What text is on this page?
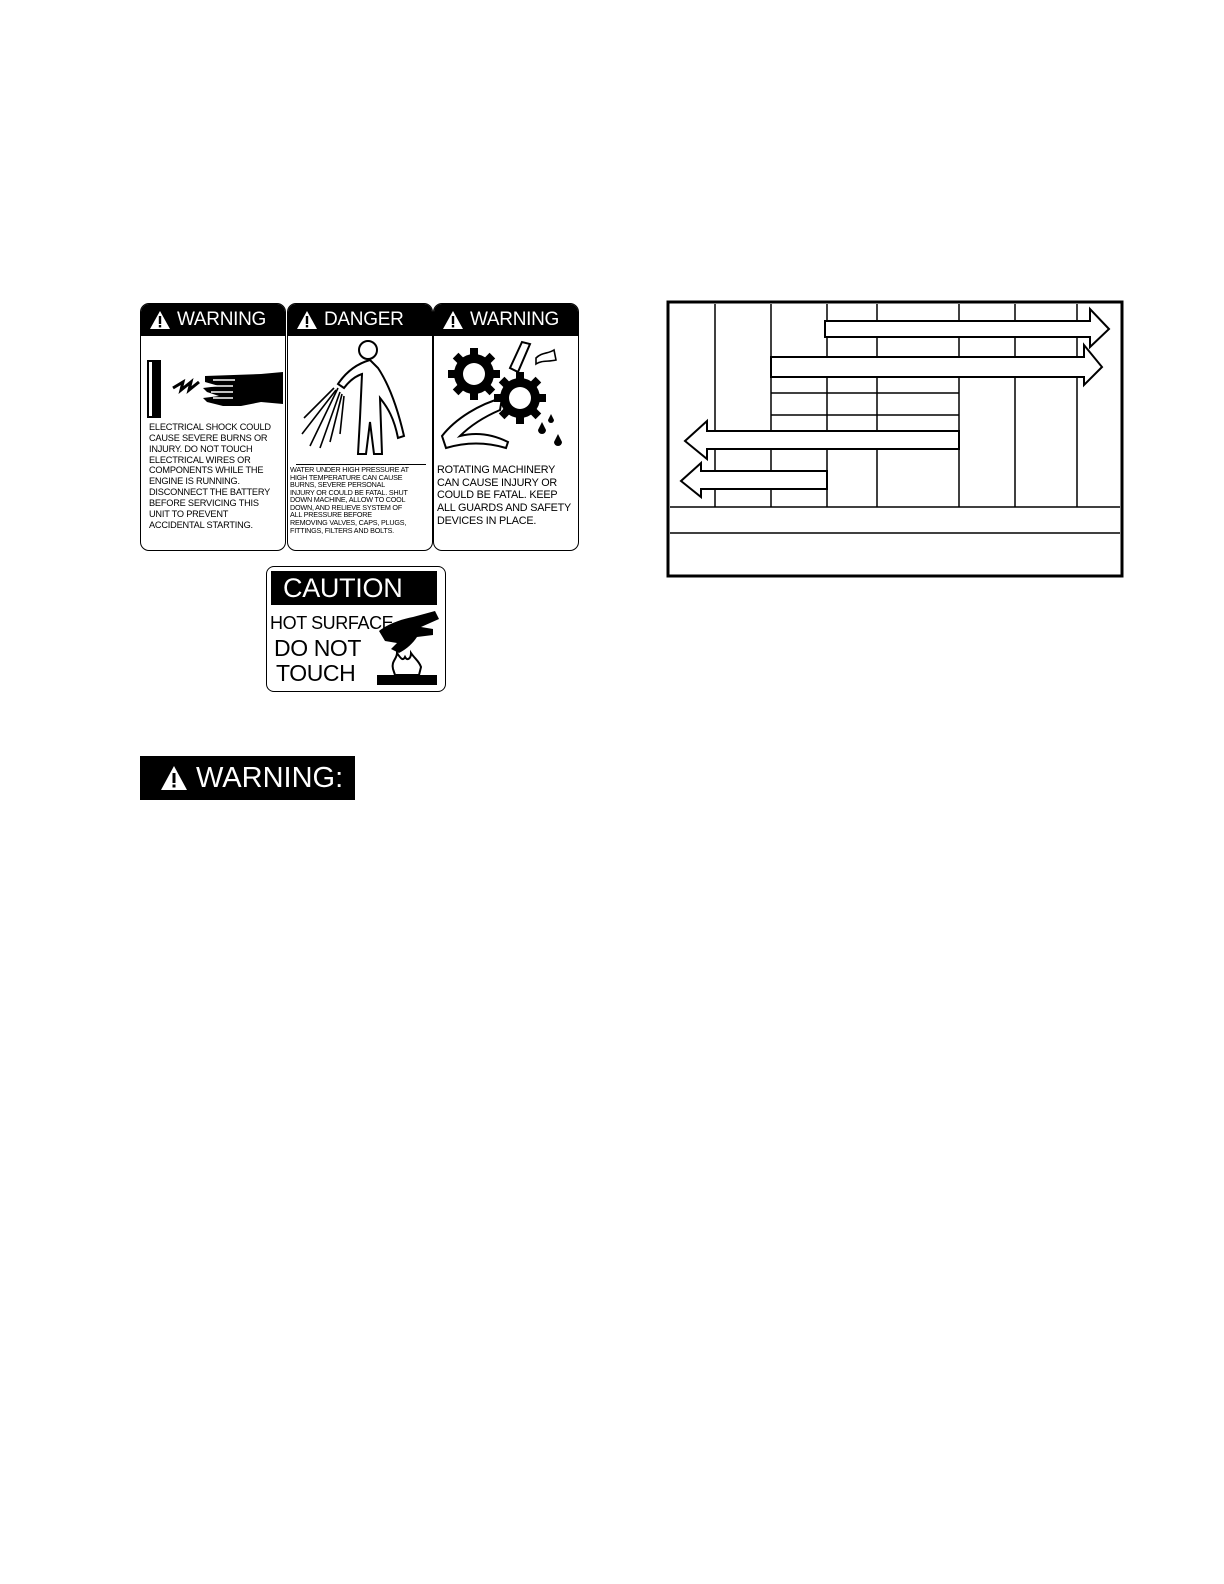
WARNING
ELECTRICAL SHOCK COULD CAUSE SEVERE BURNS OR INJURY. DO NOT TOUCH ELECTRICAL WIRES OR COMPONENTS WHILE THE ENGINE IS RUNNING. DISCONNECT THE BATTERY BEFORE SERVICING THIS UNIT TO PREVENT ACCIDENTAL STARTING.
DANGER
WATER UNDER HIGH PRESSURE AT HIGH TEMPERATURE CAN CAUSE BURNS, SEVERE PERSONAL INJURY OR COULD BE FATAL. SHUT DOWN MACHINE, ALLOW TO COOL DOWN, AND RELIEVE SYSTEM OF ALL PRESSURE BEFORE REMOVING VALVES, CAPS, PLUGS, FITTINGS, FILTERS AND BOLTS.
WARNING
ROTATING MACHINERY CAN CAUSE INJURY OR COULD BE FATAL. KEEP ALL GUARDS AND SAFETY DEVICES IN PLACE.
CAUTION
HOT SURFACE
DO NOT
TOUCH
WARNING:
